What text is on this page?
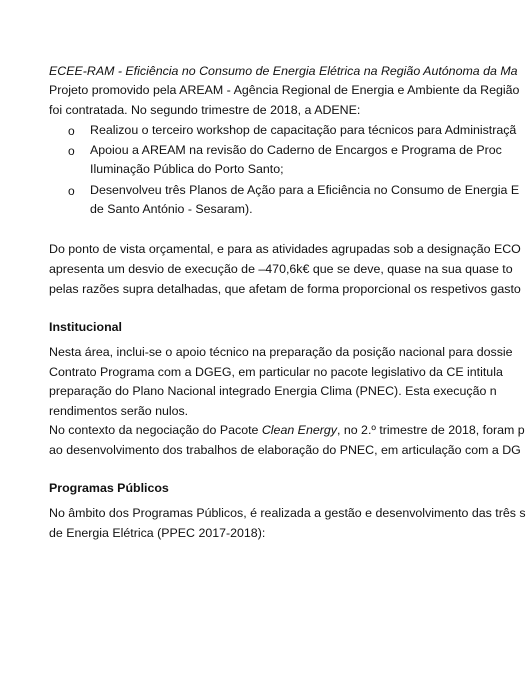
ECEE-RAM - Eficiência no Consumo de Energia Elétrica na Região Autónoma da Ma
Projeto promovido pela AREAM - Agência Regional de Energia e Ambiente da Região
foi contratada. No segundo trimestre de 2018, a ADENE:
o Realizou o terceiro workshop de capacitação para técnicos para Administraçã
o Apoiou a AREAM na revisão do Caderno de Encargos e Programa de Proc
Iluminação Pública do Porto Santo;
o Desenvolveu três Planos de Ação para a Eficiência no Consumo de Energia E
de Santo António - Sesaram).
Do ponto de vista orçamental, e para as atividades agrupadas sob a designação ECO
apresenta um desvio de execução de –470,6k€ que se deve, quase na sua quase to
pelas razões supra detalhadas, que afetam de forma proporcional os respetivos gasto
Institucional
Nesta área, inclui-se o apoio técnico na preparação da posição nacional para dossie
Contrato Programa com a DGEG, em particular no pacote legislativo da CE intitula
preparação do Plano Nacional integrado Energia Clima (PNEC). Esta execução n
rendimentos serão nulos.
No contexto da negociação do Pacote Clean Energy, no 2.º trimestre de 2018, foram p
ao desenvolvimento dos trabalhos de elaboração do PNEC, em articulação com a DG
Programas Públicos
No âmbito dos Programas Públicos, é realizada a gestão e desenvolvimento das três s
de Energia Elétrica (PPEC 2017-2018):
